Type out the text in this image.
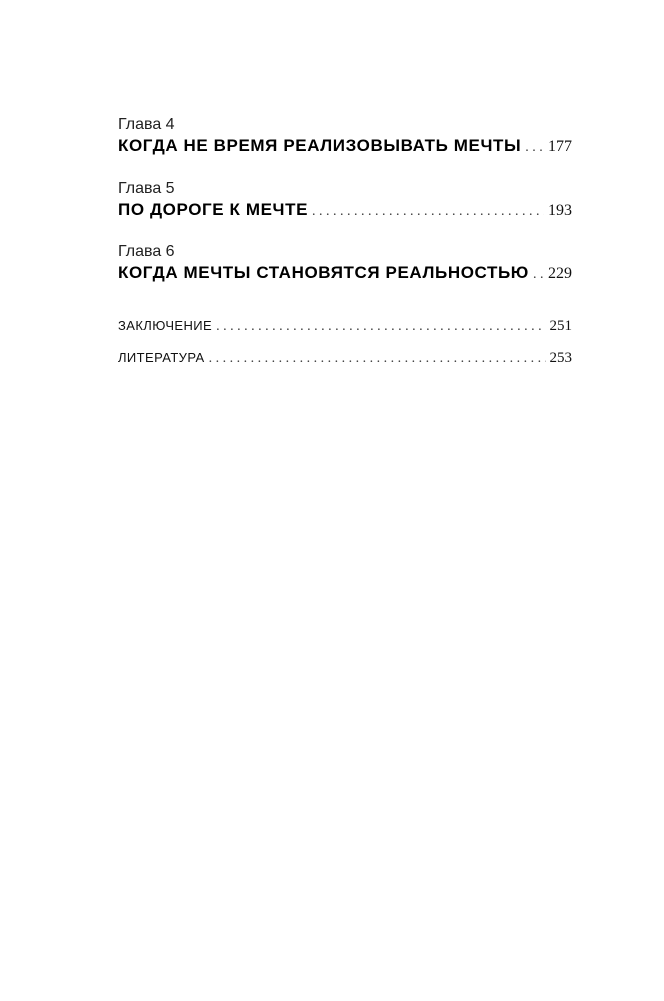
Глава 4
КОГДА НЕ ВРЕМЯ РЕАЛИЗОВЫВАТЬ МЕЧТЫ . . . 177
Глава 5
ПО ДОРОГЕ К МЕЧТЕ . . .	193
Глава 6
КОГДА МЕЧТЫ СТАНОВЯТСЯ РЕАЛЬНОСТЬЮ . . . 229
ЗАКЛЮЧЕНИЕ . . .	251
ЛИТЕРАТУРА . . .	253
